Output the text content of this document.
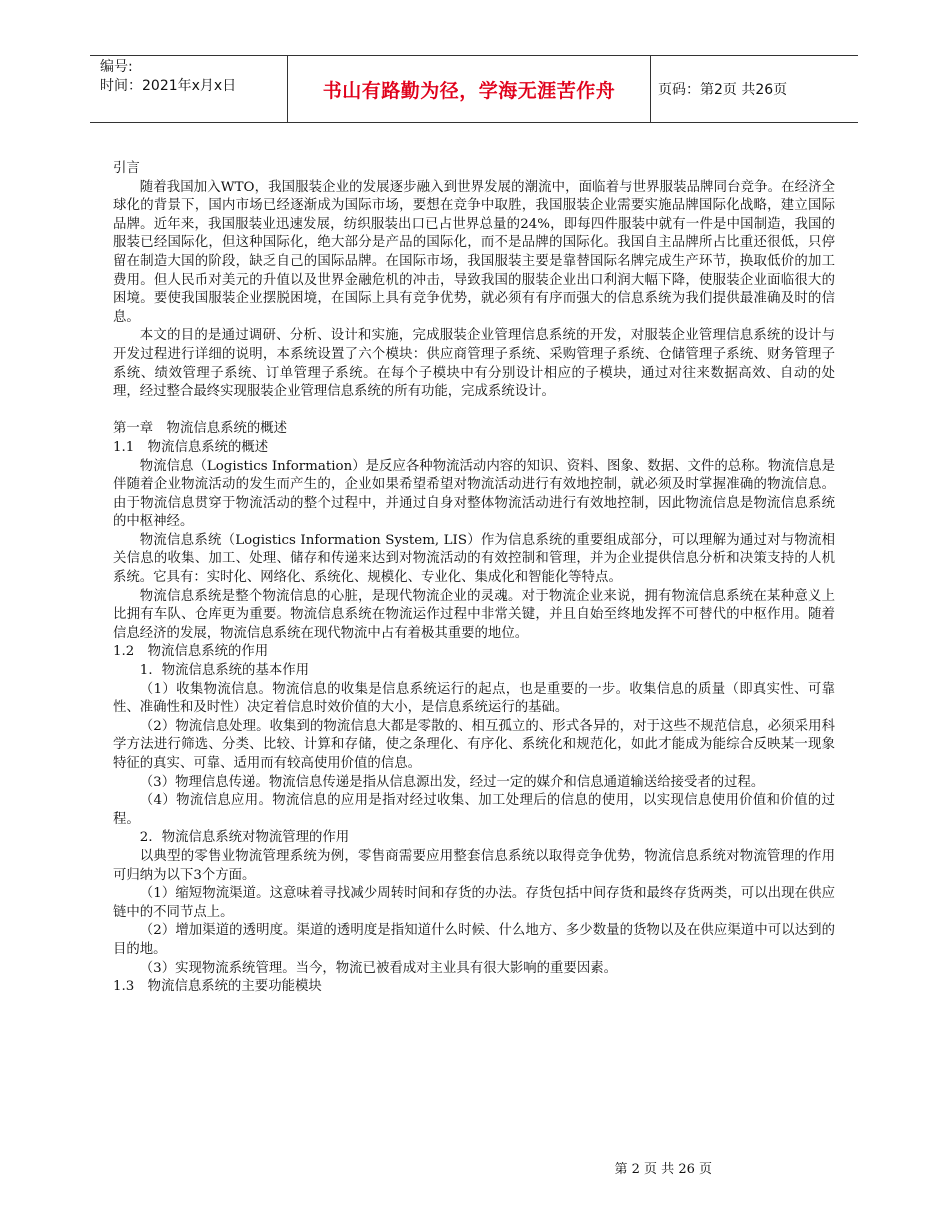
编号:
时间：2021年x月x日	书山有路勤为径，学海无涯苦作舟	页码：第2页 共26页

引言

随着我国加入WTO，我国服装企业的发展逐步融入到世界发展的潮流中，面临着与世界服装品牌同台竞争。在经济全球化的背景下，国内市场已经逐渐成为国际市场，要想在竞争中取胜，我国服装企业需要实施品牌国际化战略，建立国际品牌。近年来，我国服装业迅速发展，纺织服装出口已占世界总量的24%，即每四件服装中就有一件是中国制造，我国的服装已经国际化，但这种国际化，绝大部分是产品的国际化，而不是品牌的国际化。我国自主品牌所占比重还很低，只停留在制造大国的阶段，缺乏自己的国际品牌。在国际市场，我国服装主要是靠替国际名牌完成生产环节，换取低价的加工费用。但人民币对美元的升值以及世界金融危机的冲击，导致我国的服装企业出口利润大幅下降，使服装企业面临很大的困境。要使我国服装企业摆脱困境，在国际上具有竞争优势，就必须有有序而强大的信息系统为我们提供最准确及时的信息。

本文的目的是通过调研、分析、设计和实施，完成服装企业管理信息系统的开发，对服装企业管理信息系统的设计与开发过程进行详细的说明，本系统设置了六个模块：供应商管理子系统、采购管理子系统、仓储管理子系统、财务管理子系统、绩效管理子系统、订单管理子系统。在每个子模块中有分别设计相应的子模块，通过对往来数据高效、自动的处理，经过整合最终实现服装企业管理信息系统的所有功能，完成系统设计。

第一章　物流信息系统的概述

1.1　物流信息系统的概述

物流信息（Logistics Information）是反应各种物流活动内容的知识、资料、图象、数据、文件的总称。物流信息是伴随着企业物流活动的发生而产生的，企业如果希望希望对物流活动进行有效地控制，就必须及时掌握准确的物流信息。由于物流信息贯穿于物流活动的整个过程中，并通过自身对整体物流活动进行有效地控制，因此物流信息是物流信息系统的中枢神经。

物流信息系统（Logistics Information System, LIS）作为信息系统的重要组成部分，可以理解为通过对与物流相关信息的收集、加工、处理、储存和传递来达到对物流活动的有效控制和管理，并为企业提供信息分析和决策支持的人机系统。它具有：实时化、网络化、系统化、规模化、专业化、集成化和智能化等特点。

物流信息系统是整个物流信息的心脏，是现代物流企业的灵魂。对于物流企业来说，拥有物流信息系统在某种意义上比拥有车队、仓库更为重要。物流信息系统在物流运作过程中非常关键，并且自始至终地发挥不可替代的中枢作用。随着信息经济的发展，物流信息系统在现代物流中占有着极其重要的地位。

1.2　物流信息系统的作用

1．物流信息系统的基本作用

（1）收集物流信息。物流信息的收集是信息系统运行的起点，也是重要的一步。收集信息的质量（即真实性、可靠性、准确性和及时性）决定着信息时效价值的大小，是信息系统运行的基础。

（2）物流信息处理。收集到的物流信息大都是零散的、相互孤立的、形式各异的，对于这些不规范信息，必须采用科学方法进行筛选、分类、比较、计算和存储，使之条理化、有序化、系统化和规范化，如此才能成为能综合反映某一现象特征的真实、可靠、适用而有较高使用价值的信息。

（3）物理信息传递。物流信息传递是指从信息源出发，经过一定的媒介和信息通道输送给接受者的过程。

（4）物流信息应用。物流信息的应用是指对经过收集、加工处理后的信息的使用，以实现信息使用价值和价值的过程。

2．物流信息系统对物流管理的作用

以典型的零售业物流管理系统为例，零售商需要应用整套信息系统以取得竞争优势，物流信息系统对物流管理的作用可归纳为以下3个方面。

（1）缩短物流渠道。这意味着寻找减少周转时间和存货的办法。存货包括中间存货和最终存货两类，可以出现在供应链中的不同节点上。

（2）增加渠道的透明度。渠道的透明度是指知道什么时候、什么地方、多少数量的货物以及在供应渠道中可以达到的目的地。

（3）实现物流系统管理。当今，物流已被看成对主业具有很大影响的重要因素。

1.3　物流信息系统的主要功能模块

第 2 页 共 26 页
